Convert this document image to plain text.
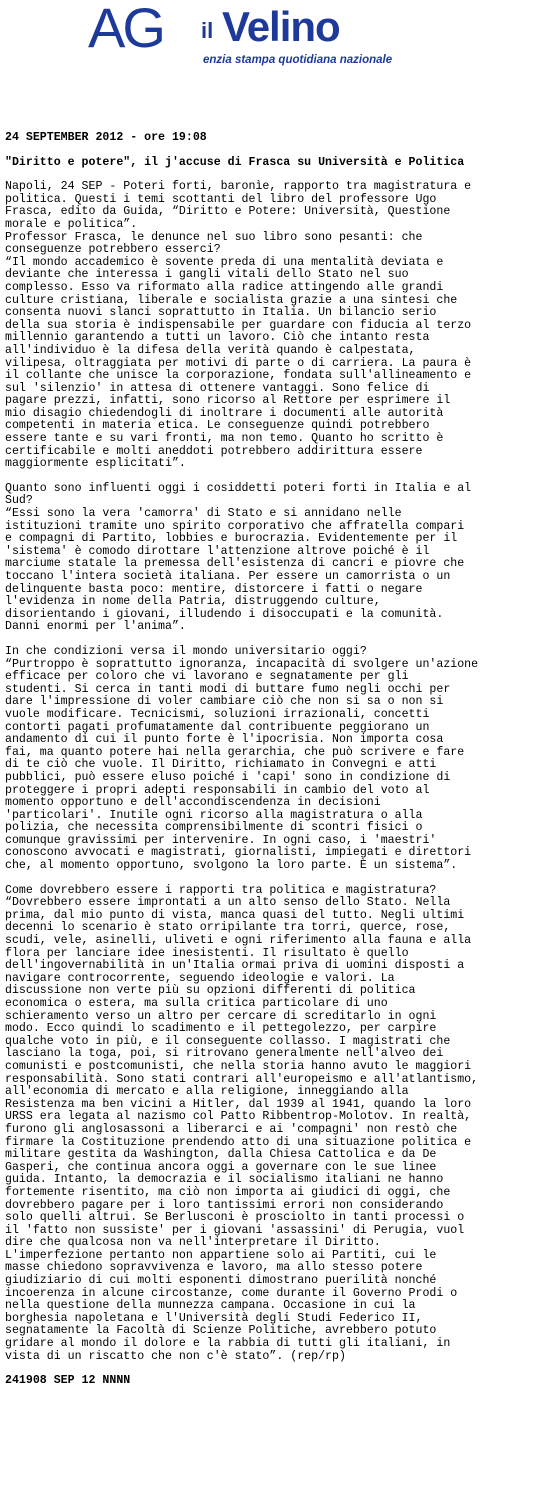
AG il Velino
enzia stampa quotidiana nazionale
24 SEPTEMBER 2012 - ore 19:08
"Diritto e potere", il j'accuse di Frasca su Università e Politica

Napoli, 24 SEP - Poteri forti, baronìe, rapporto tra magistratura e
politica. Questi i temi scottanti del libro del professore Ugo
Frasca, edito da Guida, “Diritto e Potere: Università, Questione
morale e politica”.
Professor Frasca, le denunce nel suo libro sono pesanti: che
conseguenze potrebbero esserci?
“Il mondo accademico è sovente preda di una mentalità deviata e
deviante che interessa i gangli vitali dello Stato nel suo
complesso. Esso va riformato alla radice attingendo alle grandi
culture cristiana, liberale e socialista grazie a una sintesi che
consenta nuovi slanci soprattutto in Italia. Un bilancio serio
della sua storia è indispensabile per guardare con fiducia al terzo
millennio garantendo a tutti un lavoro. Ciò che intanto resta
all'individuo è la difesa della verità quando è calpestata,
vilipesa, oltraggiata per motivi di parte o di carriera. La paura è
il collante che unisce la corporazione, fondata sull'allineamento e
sul 'silenzio' in attesa di ottenere vantaggi. Sono felice di
pagare prezzi, infatti, sono ricorso al Rettore per esprimere il
mio disagio chiedendogli di inoltrare i documenti alle autorità
competenti in materia etica. Le conseguenze quindi potrebbero
essere tante e su vari fronti, ma non temo. Quanto ho scritto è
certificabile e molti aneddoti potrebbero addirittura essere
maggiormente esplicitati”.

Quanto sono influenti oggi i cosiddetti poteri forti in Italia e al
Sud?
“Essi sono la vera 'camorra' di Stato e si annidano nelle
istituzioni tramite uno spirito corporativo che affratella compari
e compagni di Partito, lobbies e burocrazia. Evidentemente per il
'sistema' è comodo dirottare l'attenzione altrove poiché è il
marciume statale la premessa dell'esistenza di cancri e piovre che
toccano l'intera società italiana. Per essere un camorrista o un
delinquente basta poco: mentire, distorcere i fatti o negare
l'evidenza in nome della Patria, distruggendo culture,
disorientando i giovani, illudendo i disoccupati e la comunità.
Danni enormi per l'anima”.

In che condizioni versa il mondo universitario oggi?
“Purtroppo è soprattutto ignoranza, incapacità di svolgere un'azione
efficace per coloro che vi lavorano e segnatamente per gli
studenti. Si cerca in tanti modi di buttare fumo negli occhi per
dare l'impressione di voler cambiare ciò che non si sa o non si
vuole modificare. Tecnicismi, soluzioni irrazionali, concetti
contorti pagati profumatamente dal contribuente peggiorano un
andamento di cui il punto forte è l'ipocrisia. Non importa cosa
fai, ma quanto potere hai nella gerarchia, che può scrivere e fare
di te ciò che vuole. Il Diritto, richiamato in Convegni e atti
pubblici, può essere eluso poiché i 'capi' sono in condizione di
proteggere i propri adepti responsabili in cambio del voto al
momento opportuno e dell'accondiscendenza in decisioni
'particolari'. Inutile ogni ricorso alla magistratura o alla
polizia, che necessita comprensibilmente di scontri fisici o
comunque gravissimi per intervenire. In ogni caso, i 'maestri'
conoscono avvocati e magistrati, giornalisti, impiegati e direttori
che, al momento opportuno, svolgono la loro parte. È un sistema”.

Come dovrebbero essere i rapporti tra politica e magistratura?
“Dovrebbero essere improntati a un alto senso dello Stato. Nella
prima, dal mio punto di vista, manca quasi del tutto. Negli ultimi
decenni lo scenario è stato orripilante tra torri, querce, rose,
scudi, vele, asinelli, uliveti e ogni riferimento alla fauna e alla
flora per lanciare idee inesistenti. Il risultato è quello
dell'ingovernabilità in un'Italia ormai priva di uomini disposti a
navigare controcorrente, seguendo ideologie e valori. La
discussione non verte più su opzioni differenti di politica
economica o estera, ma sulla critica particolare di uno
schieramento verso un altro per cercare di screditarlo in ogni
modo. Ecco quindi lo scadimento e il pettegolezzo, per carpire
qualche voto in più, e il conseguente collasso. I magistrati che
lasciano la toga, poi, si ritrovano generalmente nell'alveo dei
comunisti e postcomunisti, che nella storia hanno avuto le maggiori
responsabilità. Sono stati contrari all'europeismo e all'atlantismo,
all'economia di mercato e alla religione, inneggiando alla
Resistenza ma ben vicini a Hitler, dal 1939 al 1941, quando la loro
URSS era legata al nazismo col Patto Ribbentrop-Molotov. In realtà,
furono gli anglosassoni a liberarci e ai 'compagni' non restò che
firmare la Costituzione prendendo atto di una situazione politica e
militare gestita da Washington, dalla Chiesa Cattolica e da De
Gasperi, che continua ancora oggi a governare con le sue linee
guida. Intanto, la democrazia e il socialismo italiani ne hanno
fortemente risentito, ma ciò non importa ai giudici di oggi, che
dovrebbero pagare per i loro tantissimi errori non considerando
solo quelli altrui. Se Berlusconi è prosciolto in tanti processi o
il 'fatto non sussiste' per i giovani 'assassini' di Perugia, vuol
dire che qualcosa non va nell'interpretare il Diritto.
L'imperfezione pertanto non appartiene solo ai Partiti, cui le
masse chiedono sopravvivenza e lavoro, ma allo stesso potere
giudiziario di cui molti esponenti dimostrano puerilità nonché
incoerenza in alcune circostanze, come durante il Governo Prodi o
nella questione della munnezza campana. Occasione in cui la
borghesia napoletana e l'Università degli Studi Federico II,
segnatamente la Facoltà di Scienze Politiche, avrebbero potuto
gridare al mondo il dolore e la rabbia di tutti gli italiani, in
vista di un riscatto che non c'è stato”. (rep/rp)

241908 SEP 12 NNNN
